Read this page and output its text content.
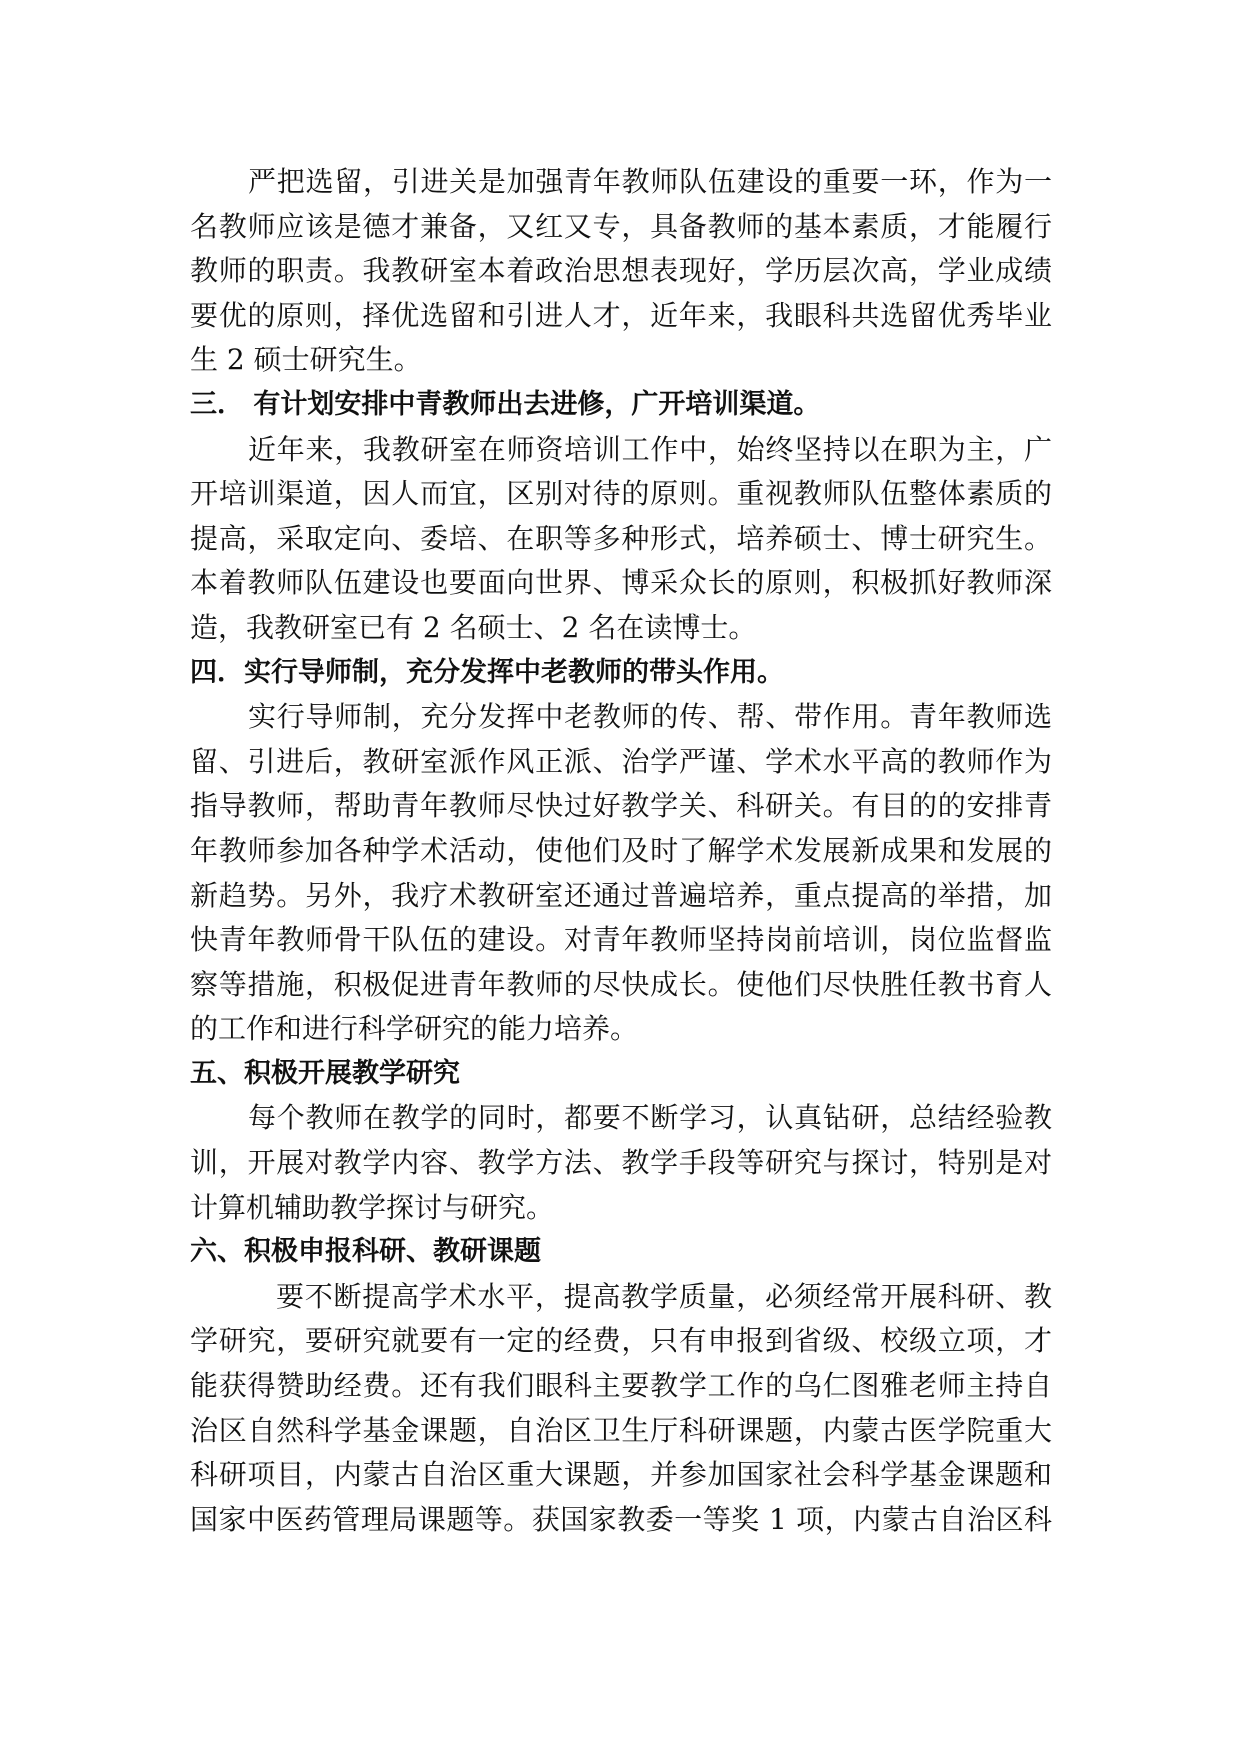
严把选留，引进关是加强青年教师队伍建设的重要一环，作为一
名教师应该是德才兼备，又红又专，具备教师的基本素质，才能履行
教师的职责。我教研室本着政治思想表现好，学历层次高，学业成绩
要优的原则，择优选留和引进人才，近年来，我眼科共选留优秀毕业
生 2 硕士研究生。
三． 有计划安排中青教师出去进修，广开培训渠道。
近年来，我教研室在师资培训工作中，始终坚持以在职为主，广
开培训渠道，因人而宜，区别对待的原则。重视教师队伍整体素质的
提高，采取定向、委培、在职等多种形式，培养硕士、博士研究生。
本着教师队伍建设也要面向世界、博采众长的原则，积极抓好教师深
造，我教研室已有 2 名硕士、2 名在读博士。
四．实行导师制，充分发挥中老教师的带头作用。
实行导师制，充分发挥中老教师的传、帮、带作用。青年教师选
留、引进后，教研室派作风正派、治学严谨、学术水平高的教师作为
指导教师，帮助青年教师尽快过好教学关、科研关。有目的的安排青
年教师参加各种学术活动，使他们及时了解学术发展新成果和发展的
新趋势。另外，我疗术教研室还通过普遍培养，重点提高的举措，加
快青年教师骨干队伍的建设。对青年教师坚持岗前培训，岗位监督监
察等措施，积极促进青年教师的尽快成长。使他们尽快胜任教书育人
的工作和进行科学研究的能力培养。
五、积极开展教学研究
每个教师在教学的同时，都要不断学习，认真钻研，总结经验教
训，开展对教学内容、教学方法、教学手段等研究与探讨，特别是对
计算机辅助教学探讨与研究。
六、积极申报科研、教研课题
要不断提高学术水平，提高教学质量，必须经常开展科研、教
学研究，要研究就要有一定的经费，只有申报到省级、校级立项，才
能获得赞助经费。还有我们眼科主要教学工作的乌仁图雅老师主持自
治区自然科学基金课题，自治区卫生厅科研课题，内蒙古医学院重大
科研项目，内蒙古自治区重大课题，并参加国家社会科学基金课题和
国家中医药管理局课题等。获国家教委一等奖 1 项，内蒙古自治区科
